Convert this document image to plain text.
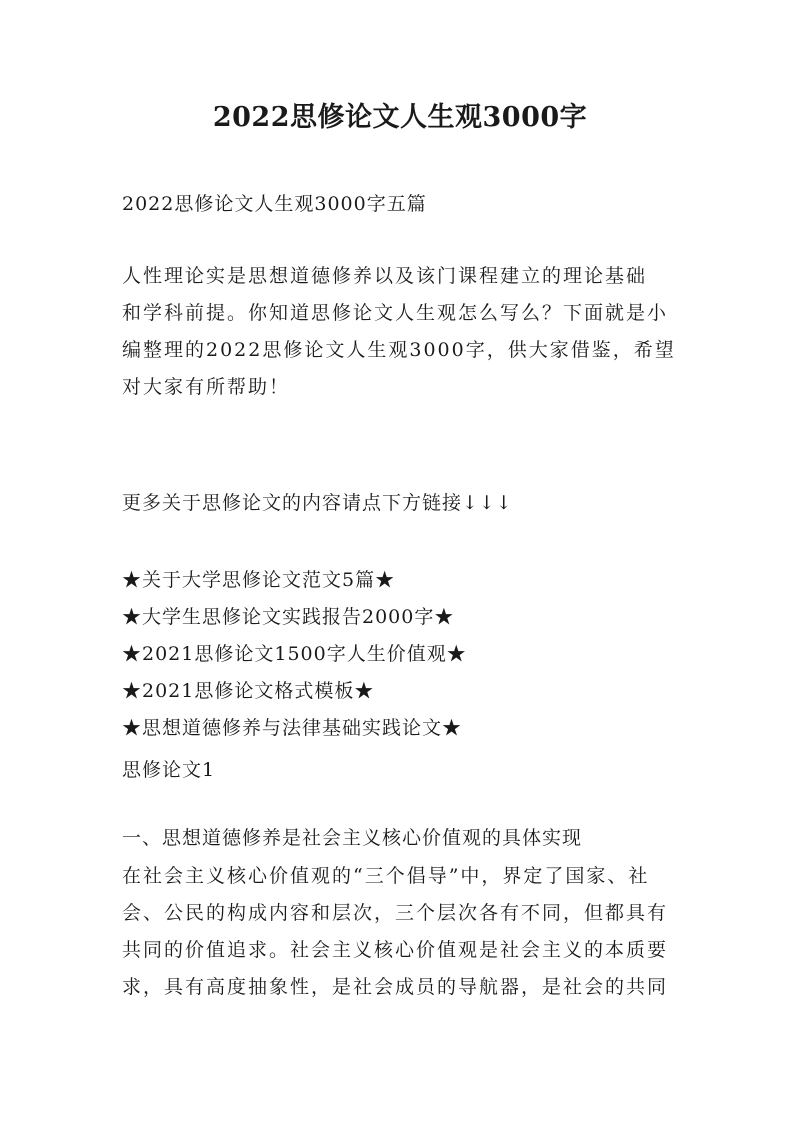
2022思修论文人生观3000字
2022思修论文人生观3000字五篇
人性理论实是思想道德修养以及该门课程建立的理论基础
和学科前提。你知道思修论文人生观怎么写么？下面就是小
编整理的2022思修论文人生观3000字，供大家借鉴，希望
对大家有所帮助！
更多关于思修论文的内容请点下方链接↓↓↓
★关于大学思修论文范文5篇★
★大学生思修论文实践报告2000字★
★2021思修论文1500字人生价值观★
★2021思修论文格式模板★
★思想道德修养与法律基础实践论文★
思修论文1
一、思想道德修养是社会主义核心价值观的具体实现
在社会主义核心价值观的“三个倡导”中，界定了国家、社
会、公民的构成内容和层次，三个层次各有不同，但都具有
共同的价值追求。社会主义核心价值观是社会主义的本质要
求，具有高度抽象性，是社会成员的导航器，是社会的共同
